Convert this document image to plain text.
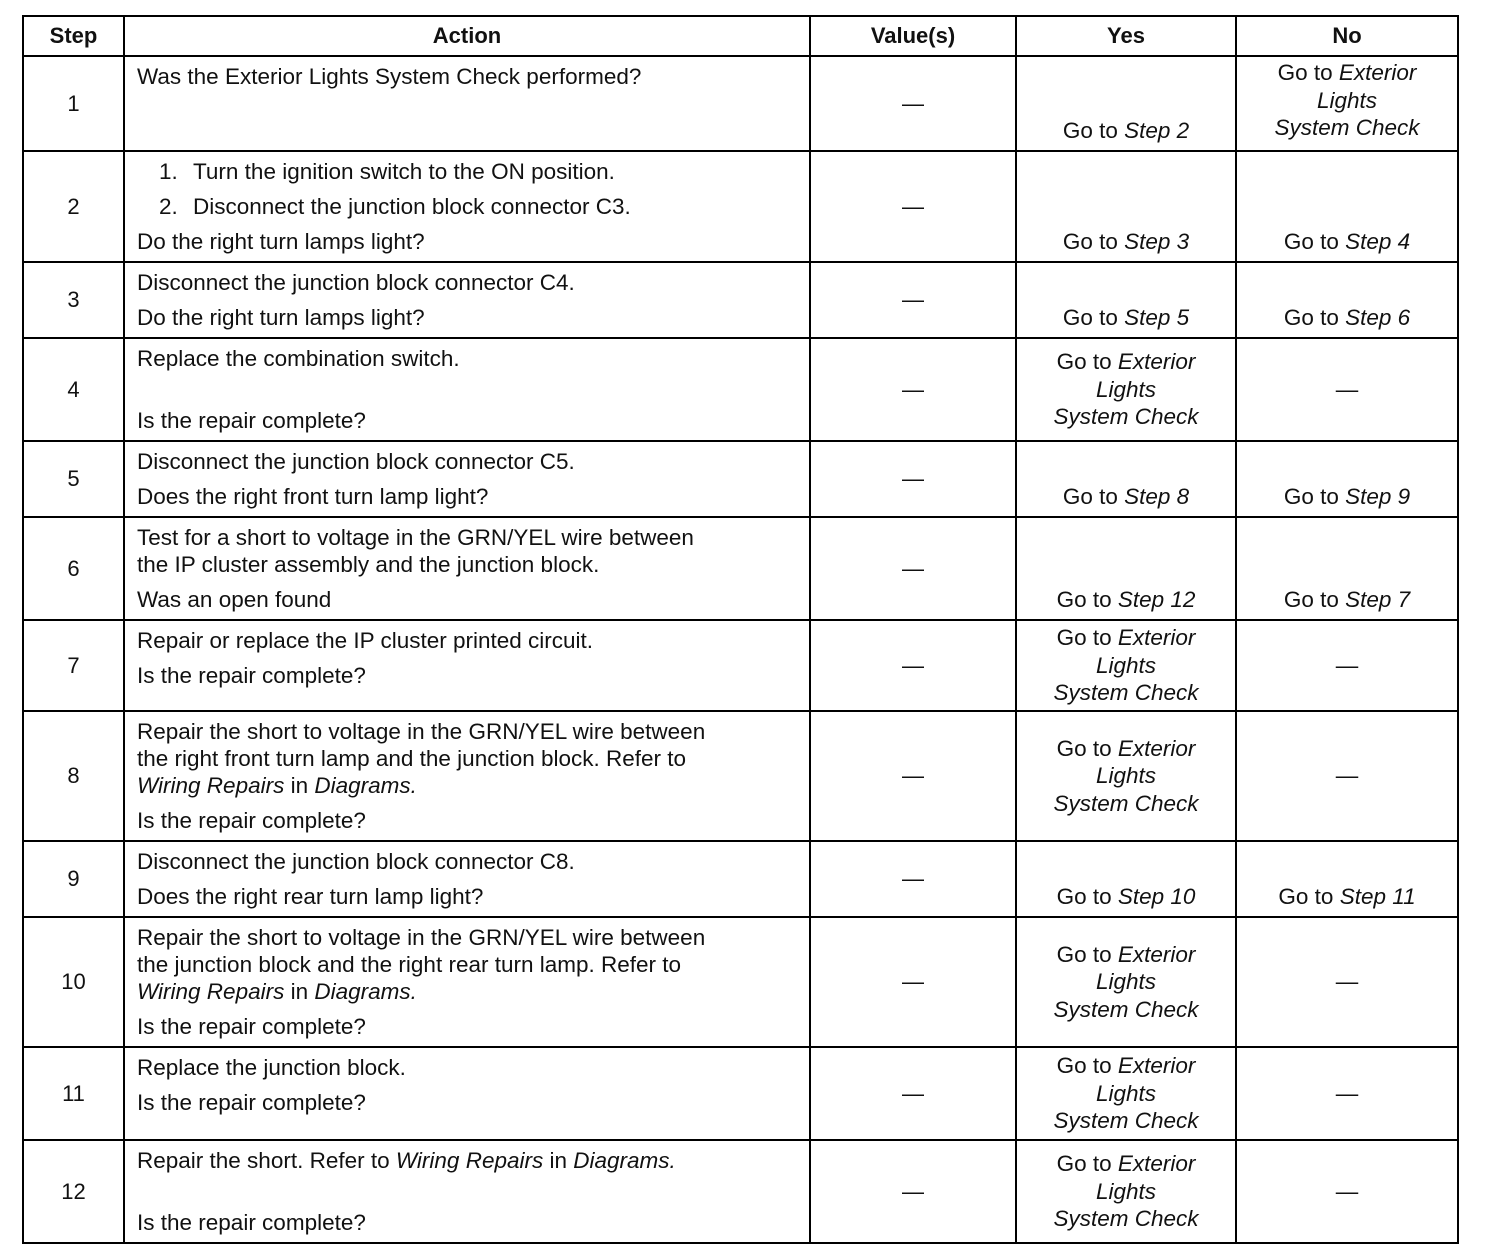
Step	Action	Value(s)	Yes	No
1	Was the Exterior Lights System Check performed?	—	Go to Step 2	Go to Exterior
Lights
System Check

2	1. Turn the ignition switch to the ON position.
2. Disconnect the junction block connector C3.
Do the right turn lamps light?	—	Go to Step 3	Go to Step 4
3	Disconnect the junction block connector C4.
Do the right turn lamps light?	—	Go to Step 5	Go to Step 6
4	Replace the combination switch.
Is the repair complete?	—	Go to Exterior
Lights
System Check	—
5	Disconnect the junction block connector C5.
Does the right front turn lamp light?	—	Go to Step 8	Go to Step 9
6	Test for a short to voltage in the GRN/YEL wire between
the IP cluster assembly and the junction block.
Was an open found	—	Go to Step 12	Go to Step 7
7	Repair or replace the IP cluster printed circuit.
Is the repair complete?	—	Go to Exterior
Lights
System Check	—
8	Repair the short to voltage in the GRN/YEL wire between
the right front turn lamp and the junction block. Refer to
Wiring Repairs in Diagrams.
Is the repair complete?	—	Go to Exterior
Lights
System Check	—
9	Disconnect the junction block connector C8.
Does the right rear turn lamp light?	—	Go to Step 10	Go to Step 11
10	Repair the short to voltage in the GRN/YEL wire between
the junction block and the right rear turn lamp. Refer to
Wiring Repairs in Diagrams.
Is the repair complete?	—	Go to Exterior
Lights
System Check	—
11	Replace the junction block.
Is the repair complete?	—	Go to Exterior
Lights
System Check	—
12	Repair the short. Refer to Wiring Repairs in Diagrams.
Is the repair complete?	—	Go to Exterior
Lights
System Check	—
